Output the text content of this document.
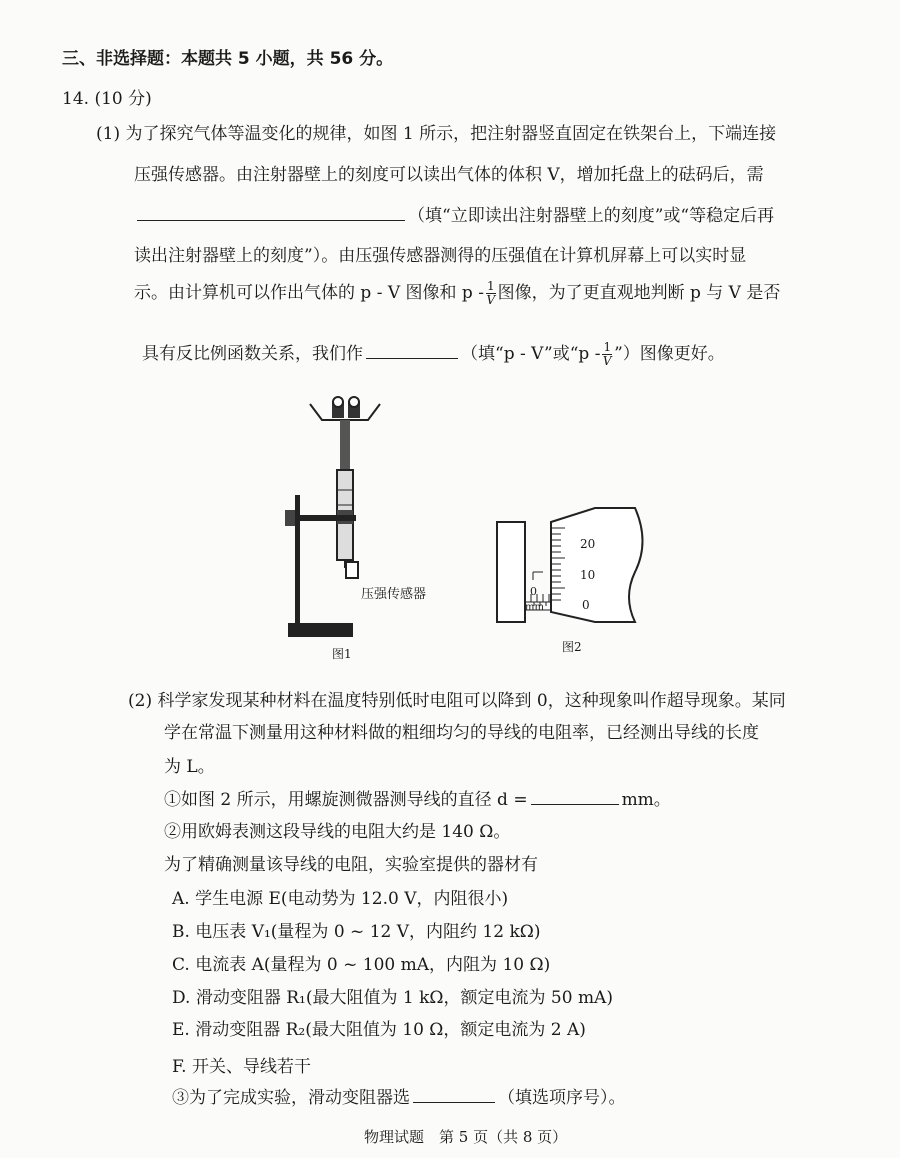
三、非选择题：本题共 5 小题，共 56 分。
14. (10 分)
(1) 为了探究气体等温变化的规律，如图 1 所示，把注射器竖直固定在铁架台上，下端连接
压强传感器。由注射器壁上的刻度可以读出气体的体积 V，增加托盘上的砝码后，需
（填“立即读出注射器壁上的刻度”或“等稳定后再
读出注射器壁上的刻度”）。由压强传感器测得的压强值在计算机屏幕上可以实时显
示。由计算机可以作出气体的 p - V 图像和 p - $\frac{1}{V}$ 图像，为了更直观地判断 p 与 V 是否
具有反比例函数关系，我们作	（填“p - V”或“p - $\frac{1}{V}$ ”）图像更好。
压强传感器
图1
20
10
0
0
mm
图2
(2) 科学家发现某种材料在温度特别低时电阻可以降到 0，这种现象叫作超导现象。某同
学在常温下测量用这种材料做的粗细均匀的导线的电阻率，已经测出导线的长度
为 L。
①如图 2 所示，用螺旋测微器测导线的直径 d =	mm。
②用欧姆表测这段导线的电阻大约是 140 Ω。
为了精确测量该导线的电阻，实验室提供的器材有
A. 学生电源 E(电动势为 12.0 V，内阻很小)
B. 电压表 V₁(量程为 0 ~ 12 V，内阻约 12 kΩ)
C. 电流表 A(量程为 0 ~ 100 mA，内阻为 10 Ω)
D. 滑动变阻器 R₁(最大阻值为 1 kΩ，额定电流为 50 mA)
E. 滑动变阻器 R₂(最大阻值为 10 Ω，额定电流为 2 A)
F. 开关、导线若干
③为了完成实验，滑动变阻器选	（填选项序号）。
物理试题　第 5 页（共 8 页）
